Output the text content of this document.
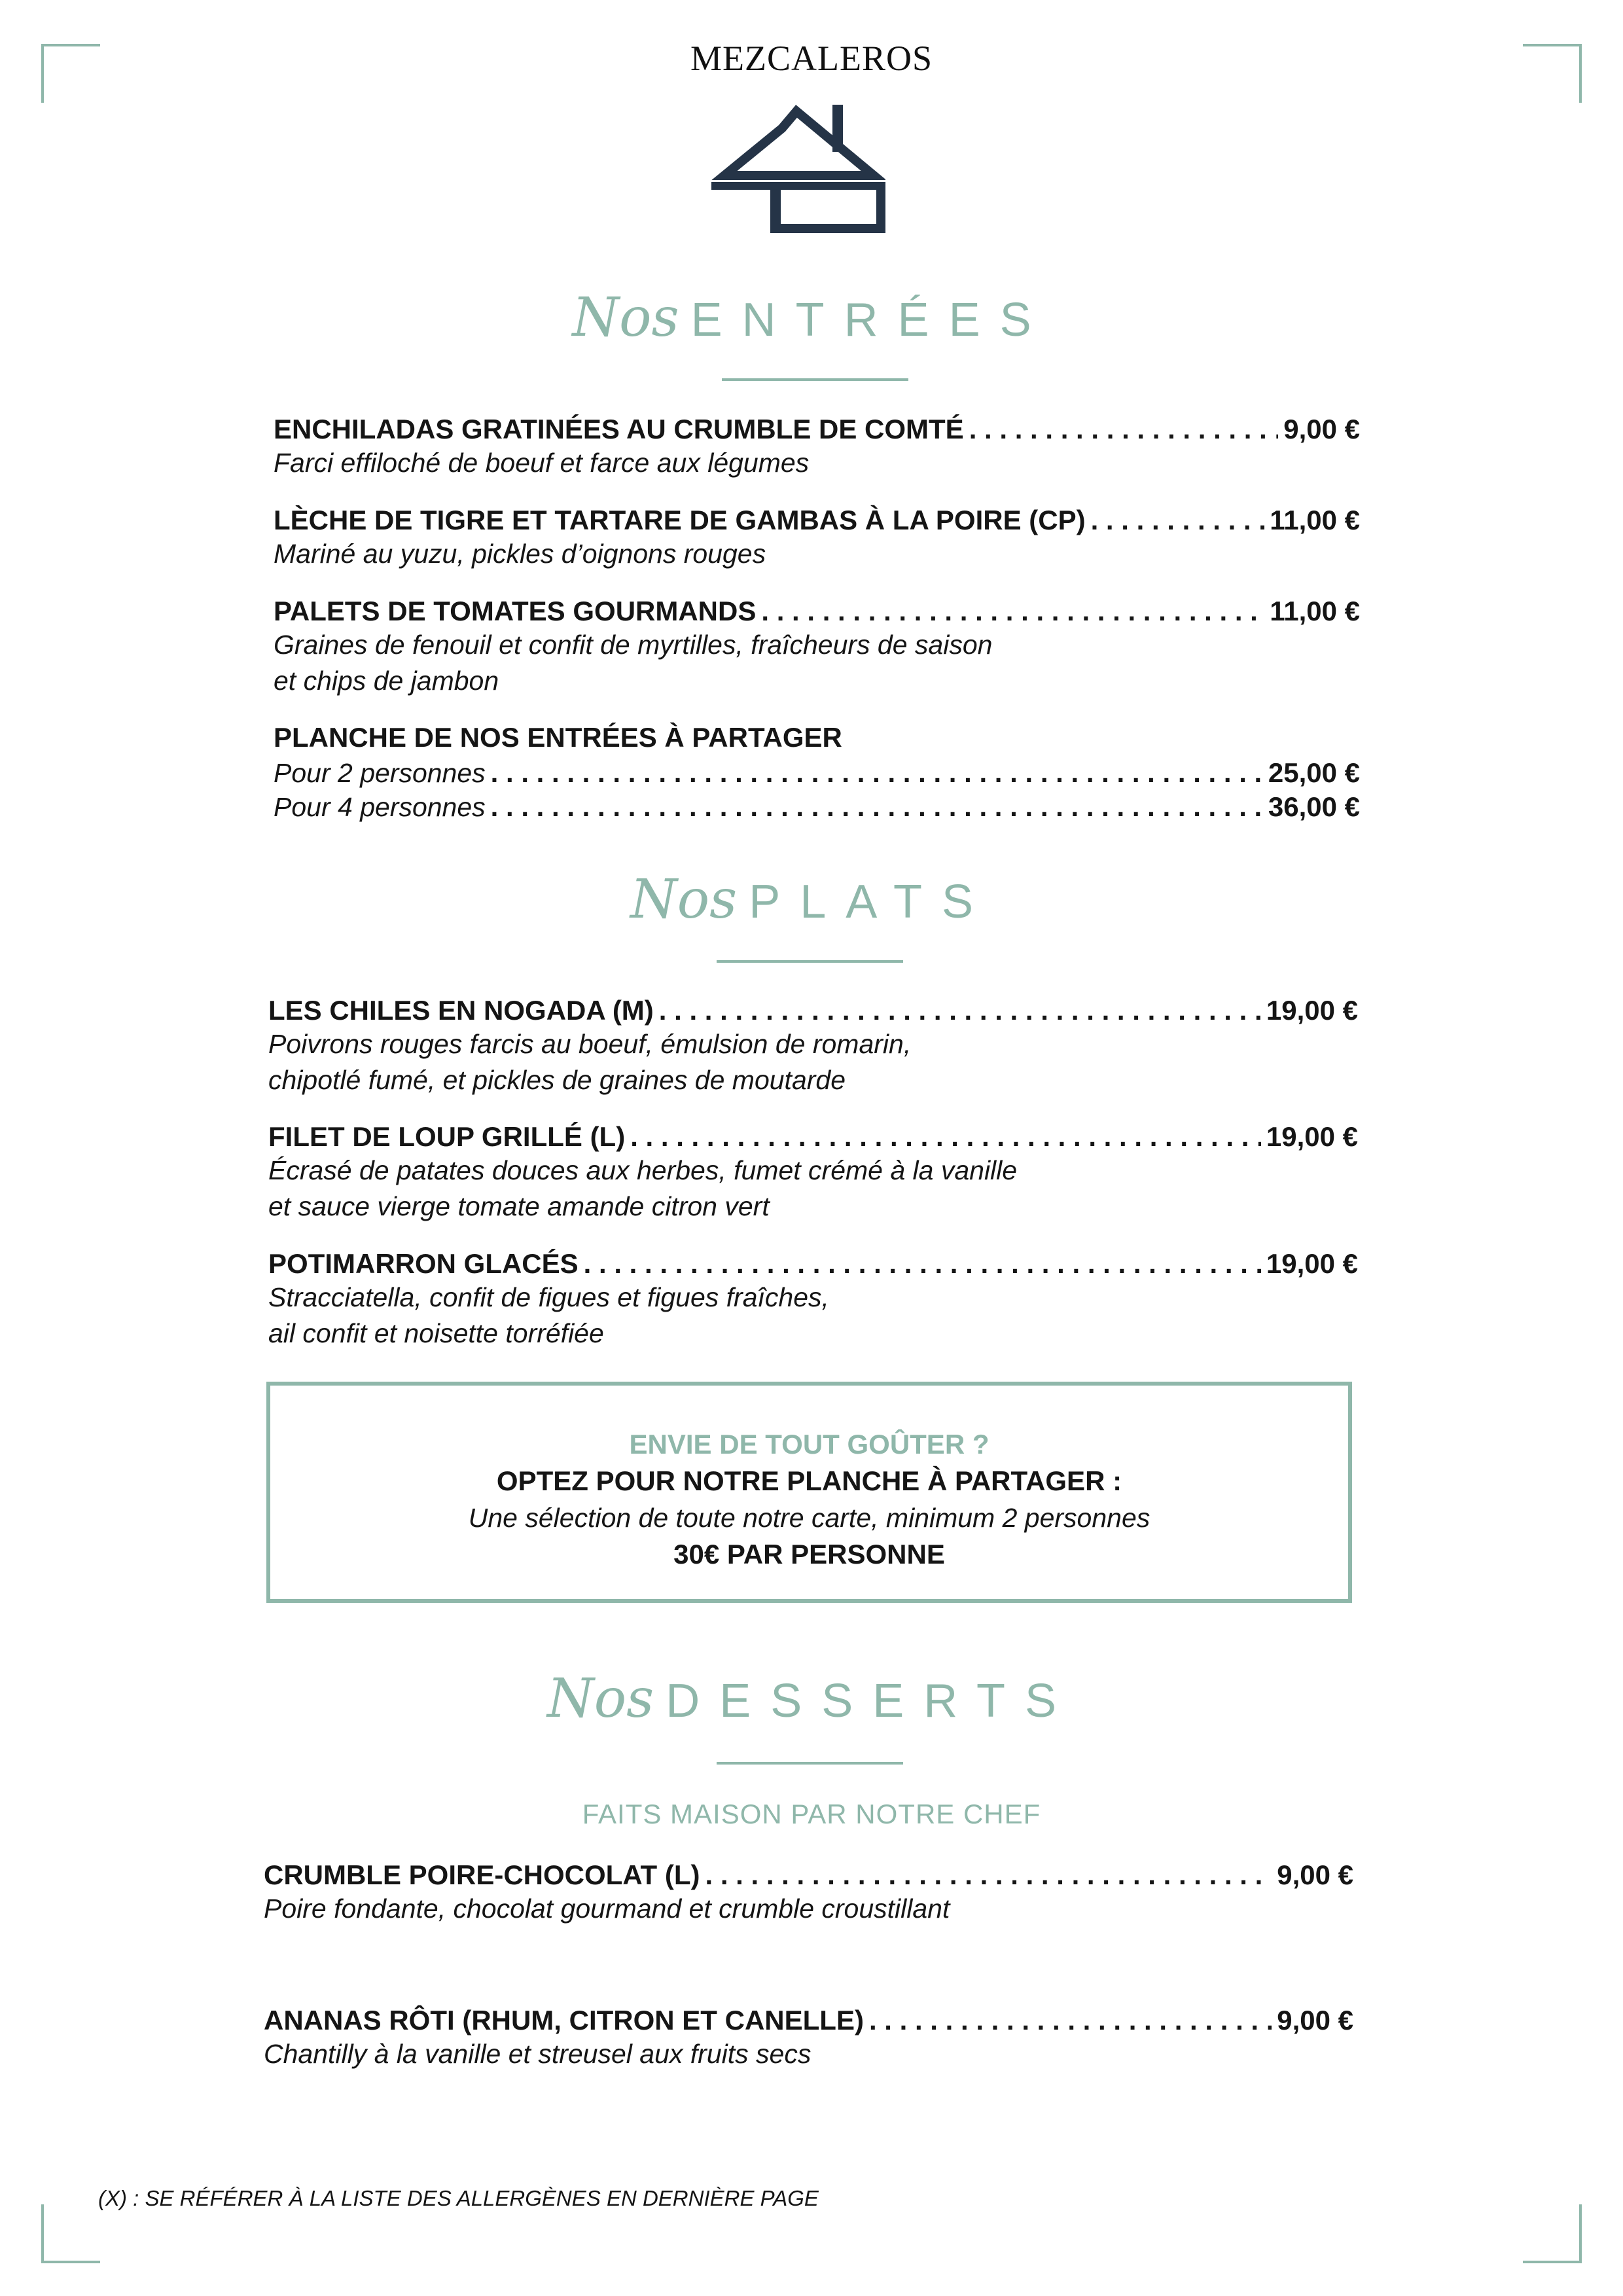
MEZCALEROS
Nos ENTRÉES
ENCHILADAS GRATINÉES AU CRUMBLE DE COMTÉ . . .	9,00 €
Farci effiloché de boeuf et farce aux légumes
LÈCHE DE TIGRE ET TARTARE DE GAMBAS À LA POIRE (CP) . . .	11,00 €
Mariné au yuzu, pickles d’oignons rouges
PALETS DE TOMATES GOURMANDS . . .	11,00 €
Graines de fenouil et confit de myrtilles, fraîcheurs de saison
et chips de jambon
PLANCHE DE NOS ENTRÉES À PARTAGER
Pour 2 personnes . . .	25,00 €
Pour 4 personnes . . .	36,00 €
Nos PLATS
LES CHILES EN NOGADA (M) . . .	19,00 €
Poivrons rouges farcis au boeuf, émulsion de romarin,
chipotlé fumé, et pickles de graines de moutarde
FILET DE LOUP GRILLÉ (L) . . .	19,00 €
Écrasé de patates douces aux herbes, fumet crémé à la vanille
et sauce vierge tomate amande citron vert
POTIMARRON GLACÉS . . .	19,00 €
Stracciatella, confit de figues et figues fraîches,
ail confit et noisette torréfiée
ENVIE DE TOUT GOÛTER ?
OPTEZ POUR NOTRE PLANCHE À PARTAGER :
Une sélection de toute notre carte, minimum 2 personnes
30€ PAR PERSONNE
Nos DESSERTS
FAITS MAISON PAR NOTRE CHEF
CRUMBLE POIRE-CHOCOLAT (L) . . .	9,00 €
Poire fondante, chocolat gourmand et crumble croustillant
ANANAS RÔTI (RHUM, CITRON ET CANELLE) . . .	9,00 €
Chantilly à la vanille et streusel aux fruits secs
(X) : SE RÉFÉRER À LA LISTE DES ALLERGÈNES EN DERNIÈRE PAGE
